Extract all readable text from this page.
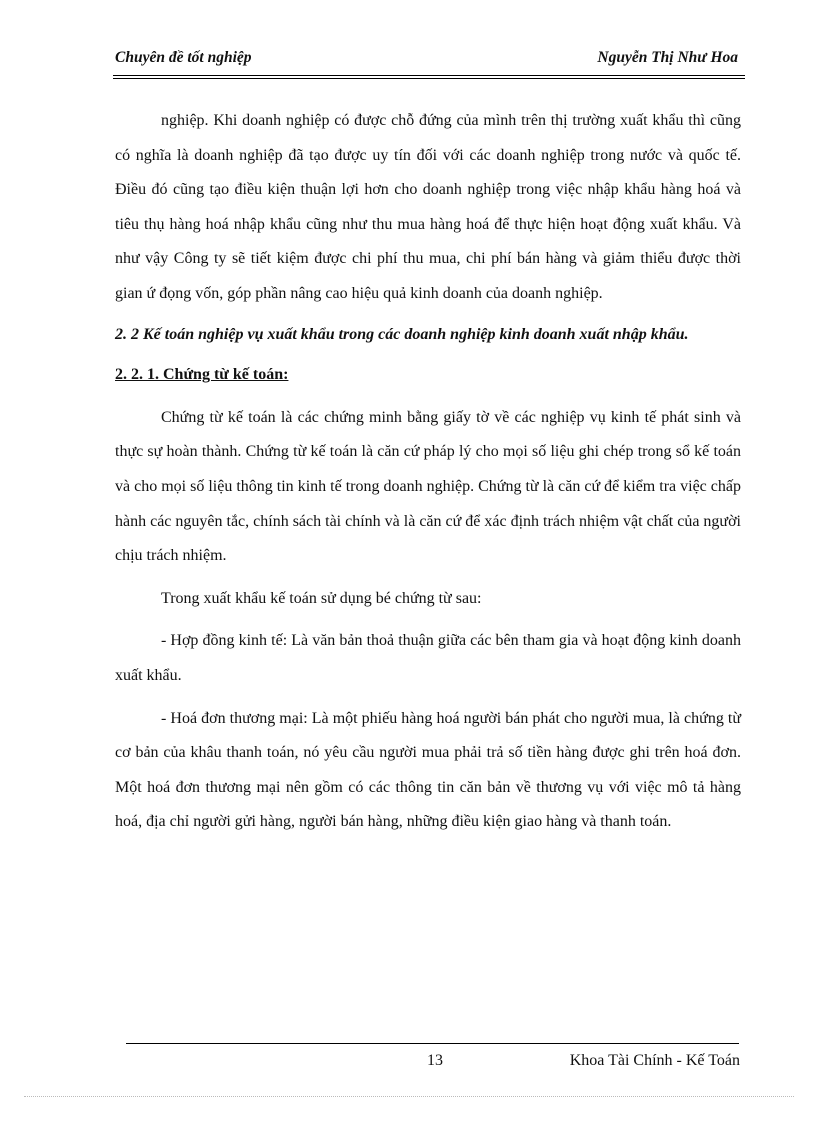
Chuyên đề tốt nghiệp	Nguyễn Thị Như Hoa

nghiệp. Khi doanh nghiệp có được chỗ đứng của mình trên thị trường xuất khẩu thì cũng có nghĩa là doanh nghiệp đã tạo được uy tín đối với các doanh nghiệp trong nước và quốc tế. Điều đó cũng tạo điều kiện thuận lợi hơn cho doanh nghiệp trong việc nhập khẩu hàng hoá và tiêu thụ hàng hoá nhập khẩu cũng như thu mua hàng hoá để thực hiện hoạt động xuất khẩu. Và như vậy Công ty sẽ tiết kiệm được chi phí thu mua, chi phí bán hàng và giảm thiểu được thời gian ứ đọng vốn, góp phần nâng cao hiệu quả kinh doanh của doanh nghiệp.

2. 2 Kế toán nghiệp vụ xuất khẩu trong các doanh nghiệp kinh doanh xuất nhập khẩu.

2. 2. 1. Chứng từ kế toán:

Chứng từ kế toán là các chứng minh bằng giấy tờ về các nghiệp vụ kinh tế phát sinh và thực sự hoàn thành. Chứng từ kế toán là căn cứ pháp lý cho mọi số liệu ghi chép trong sổ kế toán và cho mọi số liệu thông tin kinh tế trong doanh nghiệp. Chứng từ là căn cứ để kiểm tra việc chấp hành các nguyên tắc, chính sách tài chính và là căn cứ để xác định trách nhiệm vật chất của người chịu trách nhiệm.

Trong xuất khẩu kế toán sử dụng bé chứng từ sau:

- Hợp đồng kinh tế: Là văn bản thoả thuận giữa các bên tham gia và hoạt động kinh doanh xuất khẩu.

- Hoá đơn thương mại: Là một phiếu hàng hoá người bán phát cho người mua, là chứng từ cơ bản của khâu thanh toán, nó yêu cầu người mua phải trả số tiền hàng được ghi trên hoá đơn. Một hoá đơn thương mại nên gồm có các thông tin căn bản về thương vụ với việc mô tả hàng hoá, địa chỉ người gửi hàng, người bán hàng, những điều kiện giao hàng và thanh toán.

13	Khoa Tài Chính - Kế Toán
